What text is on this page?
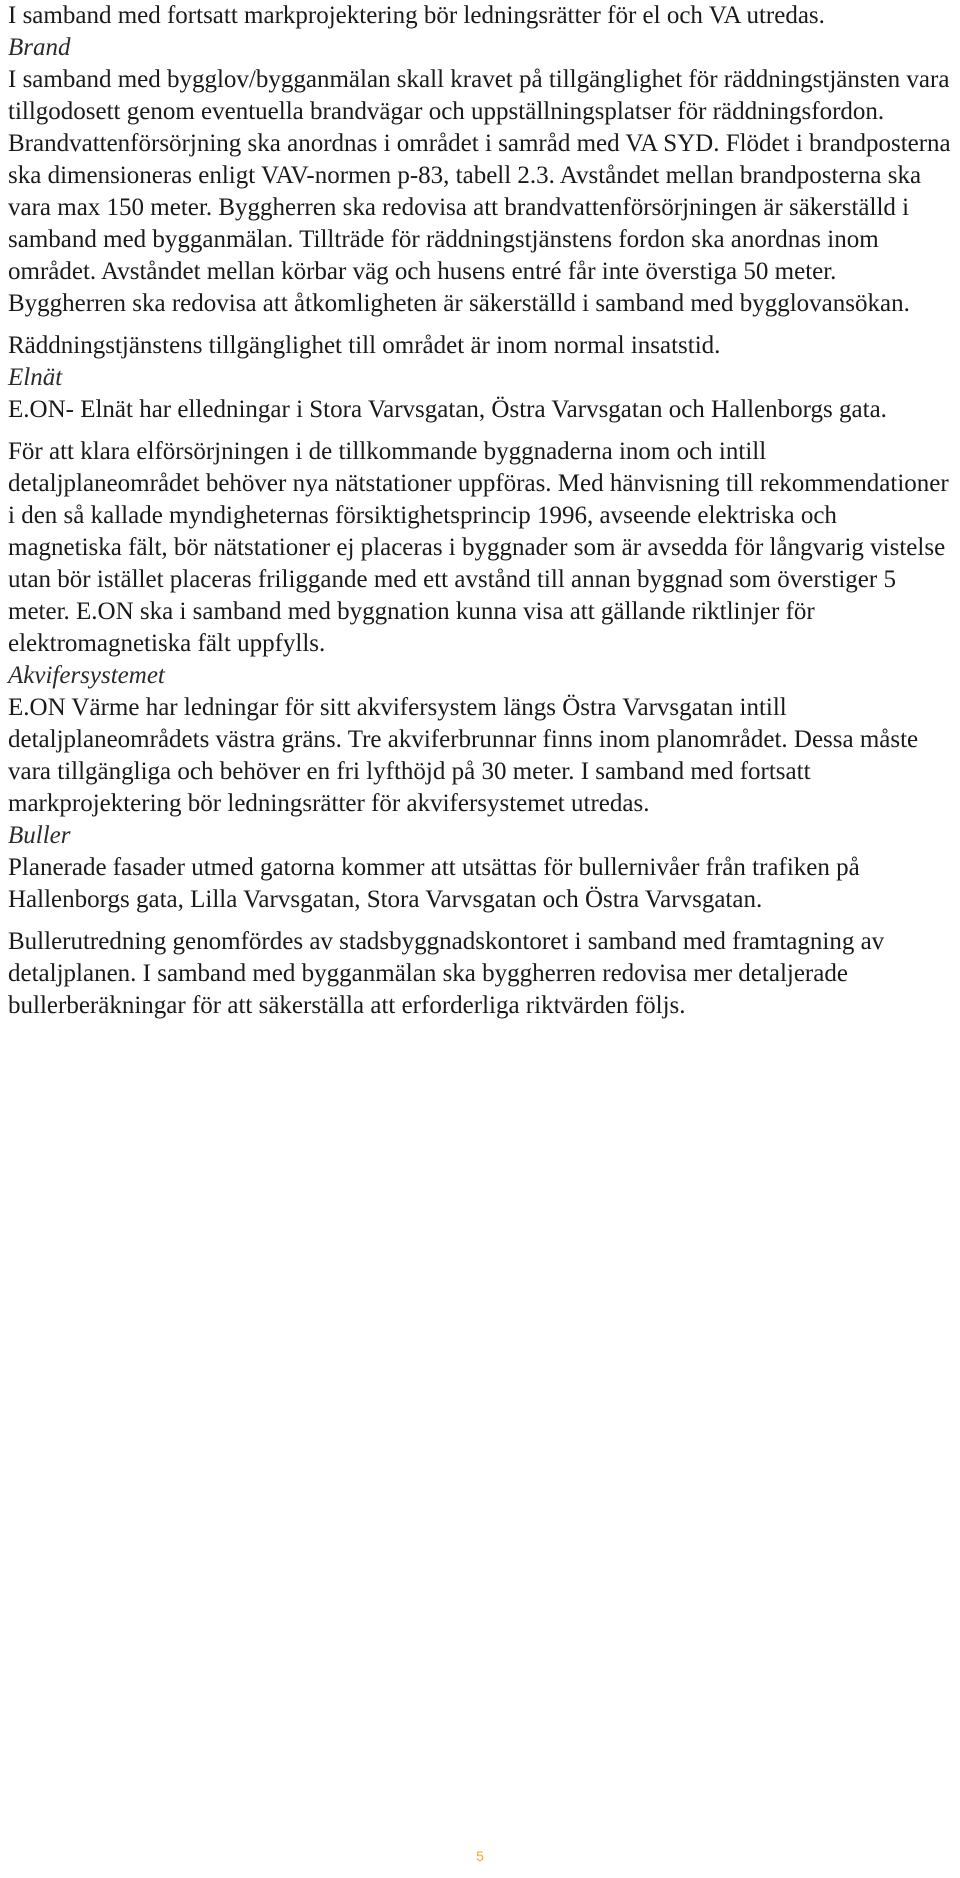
I samband med fortsatt markprojektering bör ledningsrätter för el och VA utredas.

Brand

I samband med bygglov/bygganmälan skall kravet på tillgänglighet för räddningstjänsten vara tillgodosett genom eventuella brandvägar och uppställningsplatser för räddningsfordon. Brandvattenförsörjning ska anordnas i området i samråd med VA SYD. Flödet i brandposterna ska dimensioneras enligt VAV-normen p-83, tabell 2.3. Avståndet mellan brandposterna ska vara max 150 meter. Byggherren ska redovisa att brandvattenförsörjningen är säkerställd i samband med bygganmälan. Tillträde för räddningstjänstens fordon ska anordnas inom området. Avståndet mellan körbar väg och husens entré får inte överstiga 50 meter. Byggherren ska redovisa att åtkomligheten är säkerställd i samband med bygglovansökan.

Räddningstjänstens tillgänglighet till området är inom normal insatstid.

Elnät

E.ON- Elnät har elledningar i Stora Varvsgatan, Östra Varvsgatan och Hallenborgs gata.

För att klara elförsörjningen i de tillkommande byggnaderna inom och intill detaljplaneområdet behöver nya nätstationer uppföras. Med hänvisning till rekommendationer i den så kallade myndigheternas försiktighetsprincip 1996, avseende elektriska och magnetiska fält, bör nätstationer ej placeras i byggnader som är avsedda för långvarig vistelse utan bör istället placeras friliggande med ett avstånd till annan byggnad som överstiger 5 meter. E.ON ska i samband med byggnation kunna visa att gällande riktlinjer för elektromagnetiska fält uppfylls.

Akvifersystemet

E.ON Värme har ledningar för sitt akvifersystem längs Östra Varvsgatan intill detaljplaneområdets västra gräns. Tre akviferbrunnar finns inom planområdet. Dessa måste vara tillgängliga och behöver en fri lyfthöjd på 30 meter. I samband med fortsatt markprojektering bör ledningsrätter för akvifersystemet utredas.

Buller

Planerade fasader utmed gatorna kommer att utsättas för bullernivåer från trafiken på Hallenborgs gata, Lilla Varvsgatan, Stora Varvsgatan och Östra Varvsgatan.

Bullerutredning genomfördes av stadsbyggnadskontoret i samband med framtagning av detaljplanen. I samband med bygganmälan ska byggherren redovisa mer detaljerade bullerberäkningar för att säkerställa att erforderliga riktvärden följs.

5
